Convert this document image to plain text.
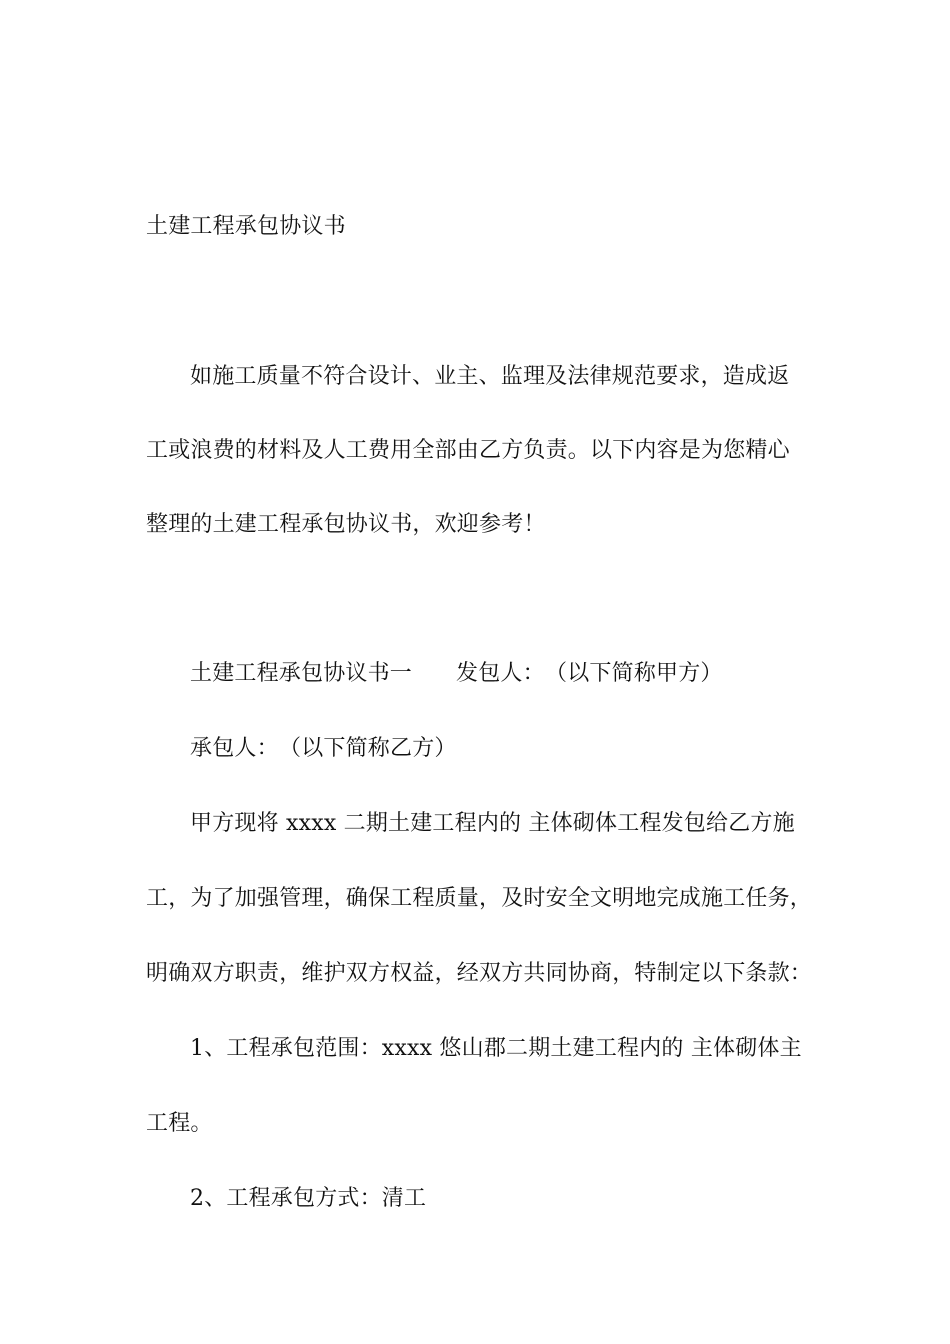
土建工程承包协议书
如施工质量不符合设计、业主、监理及法律规范要求，造成返
工或浪费的材料及人工费用全部由乙方负责。以下内容是为您精心
整理的土建工程承包协议书，欢迎参考！
土建工程承包协议书一 发包人：　（以下简称甲方）
承包人：　（以下简称乙方）
甲方现将 xxxx 二期土建工程内的 主体砌体工程发包给乙方施
工，为了加强管理，确保工程质量，及时安全文明地完成施工任务，
明确双方职责，维护双方权益，经双方共同协商，特制定以下条款：
1、工程承包范围：xxxx 悠山郡二期土建工程内的 主体砌体主
工程。
2、工程承包方式：清工
